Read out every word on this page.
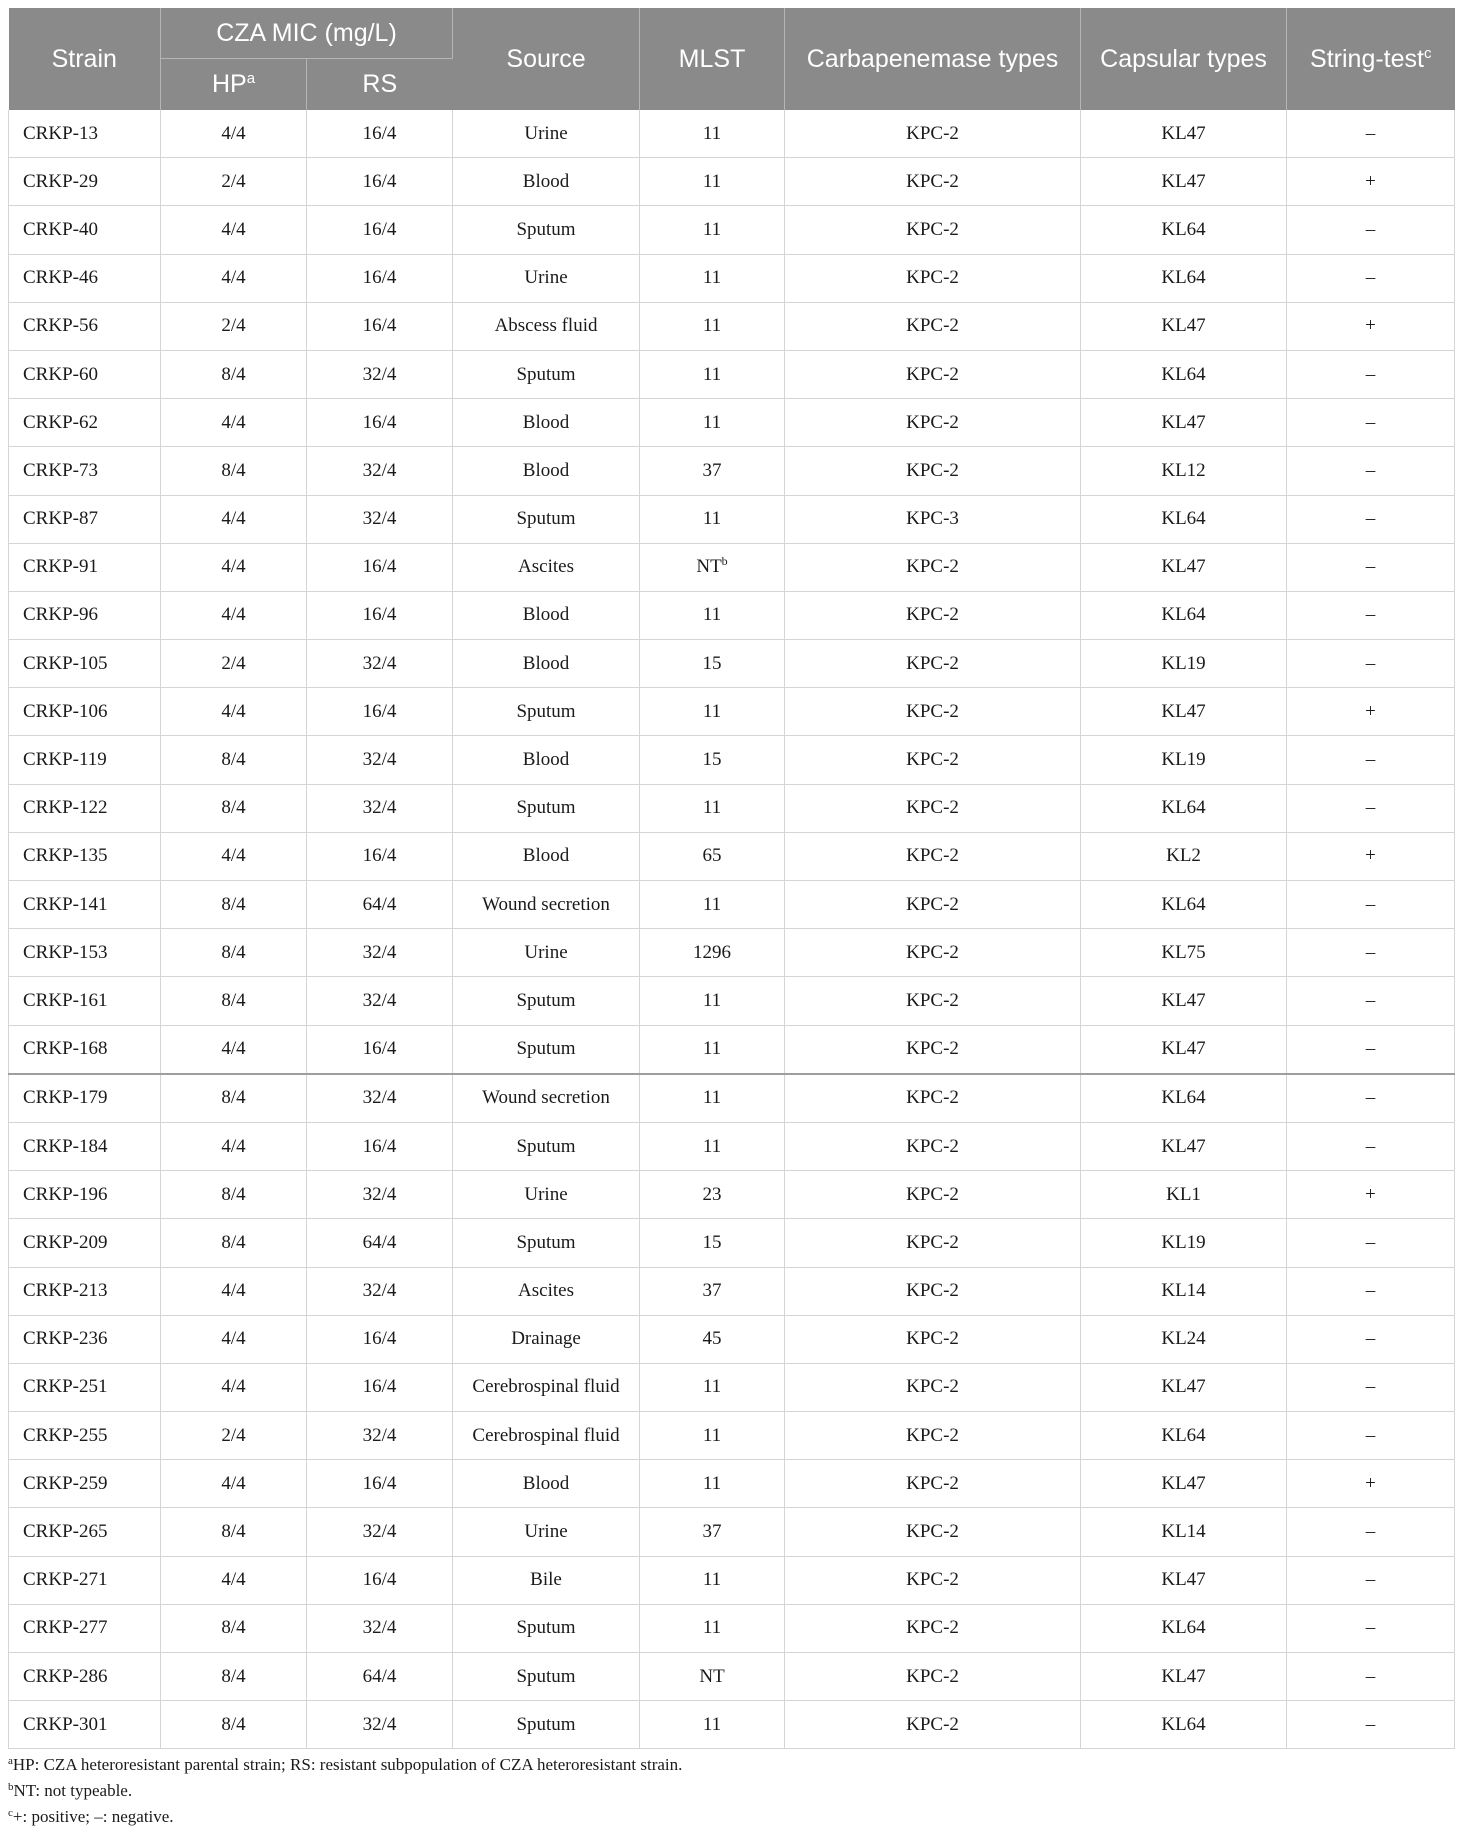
Strain	CZA MIC (mg/L)		Source	MLST	Carbapenemase types	Capsular types	String-test$^c$
	$HP^a$	RS					
CRKP-13	4/4	16/4	Urine	11	KPC-2	KL47	–
CRKP-29	2/4	16/4	Blood	11	KPC-2	KL47	+
CRKP-40	4/4	16/4	Sputum	11	KPC-2	KL64	–
CRKP-46	4/4	16/4	Urine	11	KPC-2	KL64	–
CRKP-56	2/4	16/4	Abscess fluid	11	KPC-2	KL47	+
CRKP-60	8/4	32/4	Sputum	11	KPC-2	KL64	–
CRKP-62	4/4	16/4	Blood	11	KPC-2	KL47	–
CRKP-73	8/4	32/4	Blood	37	KPC-2	KL12	–
CRKP-87	4/4	32/4	Sputum	11	KPC-3	KL64	–
CRKP-91	4/4	16/4	Ascites	$NT^b$	KPC-2	KL47	–
CRKP-96	4/4	16/4	Blood	11	KPC-2	KL64	–
CRKP-105	2/4	32/4	Blood	15	KPC-2	KL19	–
CRKP-106	4/4	16/4	Sputum	11	KPC-2	KL47	+
CRKP-119	8/4	32/4	Blood	15	KPC-2	KL19	–
CRKP-122	8/4	32/4	Sputum	11	KPC-2	KL64	–
CRKP-135	4/4	16/4	Blood	65	KPC-2	KL2	+
CRKP-141	8/4	64/4	Wound secretion	11	KPC-2	KL64	–
CRKP-153	8/4	32/4	Urine	1296	KPC-2	KL75	–
CRKP-161	8/4	32/4	Sputum	11	KPC-2	KL47	–
CRKP-168	4/4	16/4	Sputum	11	KPC-2	KL47	–
CRKP-179	8/4	32/4	Wound secretion	11	KPC-2	KL64	–
CRKP-184	4/4	16/4	Sputum	11	KPC-2	KL47	–
CRKP-196	8/4	32/4	Urine	23	KPC-2	KL1	+
CRKP-209	8/4	64/4	Sputum	15	KPC-2	KL19	–
CRKP-213	4/4	32/4	Ascites	37	KPC-2	KL14	–
CRKP-236	4/4	16/4	Drainage	45	KPC-2	KL24	–
CRKP-251	4/4	16/4	Cerebrospinal fluid	11	KPC-2	KL47	–
CRKP-255	2/4	32/4	Cerebrospinal fluid	11	KPC-2	KL64	–
CRKP-259	4/4	16/4	Blood	11	KPC-2	KL47	+
CRKP-265	8/4	32/4	Urine	37	KPC-2	KL14	–
CRKP-271	4/4	16/4	Bile	11	KPC-2	KL47	–
CRKP-277	8/4	32/4	Sputum	11	KPC-2	KL64	–
CRKP-286	8/4	64/4	Sputum	NT	KPC-2	KL47	–
CRKP-301	8/4	32/4	Sputum	11	KPC-2	KL64	–
$^a$HP: CZA heteroresistant parental strain; RS: resistant subpopulation of CZA heteroresistant strain.
$^b$NT: not typeable.
$^c$+: positive; –: negative.
